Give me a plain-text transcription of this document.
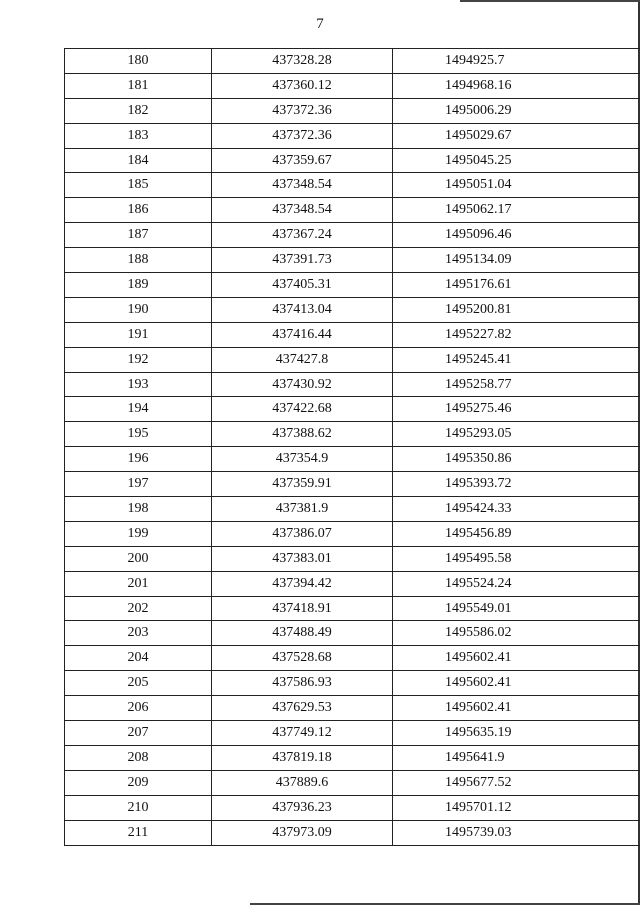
7
180	437328.28	1494925.7
181	437360.12	1494968.16
182	437372.36	1495006.29
183	437372.36	1495029.67
184	437359.67	1495045.25
185	437348.54	1495051.04
186	437348.54	1495062.17
187	437367.24	1495096.46
188	437391.73	1495134.09
189	437405.31	1495176.61
190	437413.04	1495200.81
191	437416.44	1495227.82
192	437427.8	1495245.41
193	437430.92	1495258.77
194	437422.68	1495275.46
195	437388.62	1495293.05
196	437354.9	1495350.86
197	437359.91	1495393.72
198	437381.9	1495424.33
199	437386.07	1495456.89
200	437383.01	1495495.58
201	437394.42	1495524.24
202	437418.91	1495549.01
203	437488.49	1495586.02
204	437528.68	1495602.41
205	437586.93	1495602.41
206	437629.53	1495602.41
207	437749.12	1495635.19
208	437819.18	1495641.9
209	437889.6	1495677.52
210	437936.23	1495701.12
211	437973.09	1495739.03
